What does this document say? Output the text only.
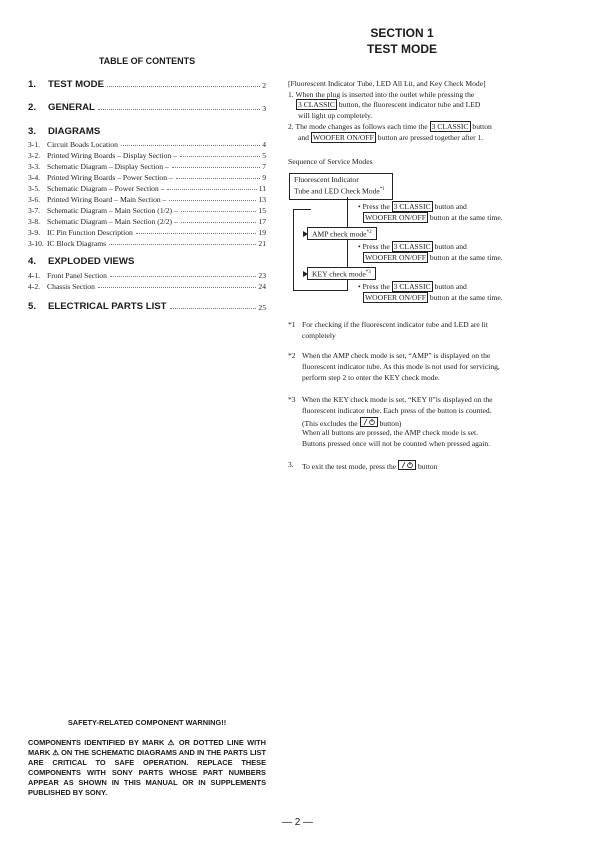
TABLE OF CONTENTS
1.	TEST MODE	2
2.	GENERAL	3
3.	DIAGRAMS
3-1. Circuit Boads Location	4
3-2. Printed Wiring Boards – Display Section –	5
3-3. Schematic Diagram – Display Section –	7
3-4. Printed Wiring Boards – Power Section –	9
3-5. Schematic Diagram – Power Section –	11
3-6. Printed Wiring Board – Main Section –	13
3-7. Schematic Diagram – Main Section (1/2) –	15
3-8. Schematic Diagram – Main Section (2/2) –	17
3-9. IC Pin Function Description	19
3-10. IC Block Diagrams	21
4.	EXPLODED VIEWS
4-1. Front Panel Section	23
4-2. Chassis Section	24
5.	ELECTRICAL PARTS LIST	25
SECTION 1
TEST MODE
[Fluorescent Indicator Tube, LED All Lit, and Key Check Mode]
1. When the plug is inserted into the outlet while pressing the
3 CLASSIC button, the fluorescent indicator tube and LED
will light up completely.
2. The mode changes as follows each time the 3 CLASSIC button
and WOOFER ON/OFF button are pressed together after 1.
Sequence of Service Modes
Fluorescent Indicator
Tube and LED Check Mode$^{*1}$
AMP check mode$^{*2}$
KEY check mode$^{*3}$
• Press the 3 CLASSIC button and
WOOFER ON/OFF button at the same time.
• Press the 3 CLASSIC button and
WOOFER ON/OFF button at the same time.
• Press the 3 CLASSIC button and
WOOFER ON/OFF button at the same time.
*1 For checking if the fluorescent indicator tube and LED are lit
completely
*2 When the AMP check mode is set, “AMP” is displayed on the
fluorescent indicator tube. As this mode is not used for servicing,
perform step 2 to enter the KEY check mode.
*3 When the KEY check mode is set, “KEY 0”is displayed on the
fluorescent indicator tube. Each press of the button is counted.
(This excludes the	button)
When all buttons are pressed, the AMP check mode is set.
Buttons pressed once will not be counted when pressed again.
3. To exit the test mode, press the	button
SAFETY-RELATED COMPONENT WARNING!!
COMPONENTS IDENTIFIED BY MARK ⚠ OR DOTTED LINE WITH MARK ⚠ ON THE SCHEMATIC DIAGRAMS AND IN THE PARTS LIST ARE CRITICAL TO SAFE OPERATION. REPLACE THESE COMPONENTS WITH SONY PARTS WHOSE PART NUMBERS APPEAR AS SHOWN IN THIS MANUAL OR IN SUPPLEMENTS PUBLISHED BY SONY.
— 2 —
